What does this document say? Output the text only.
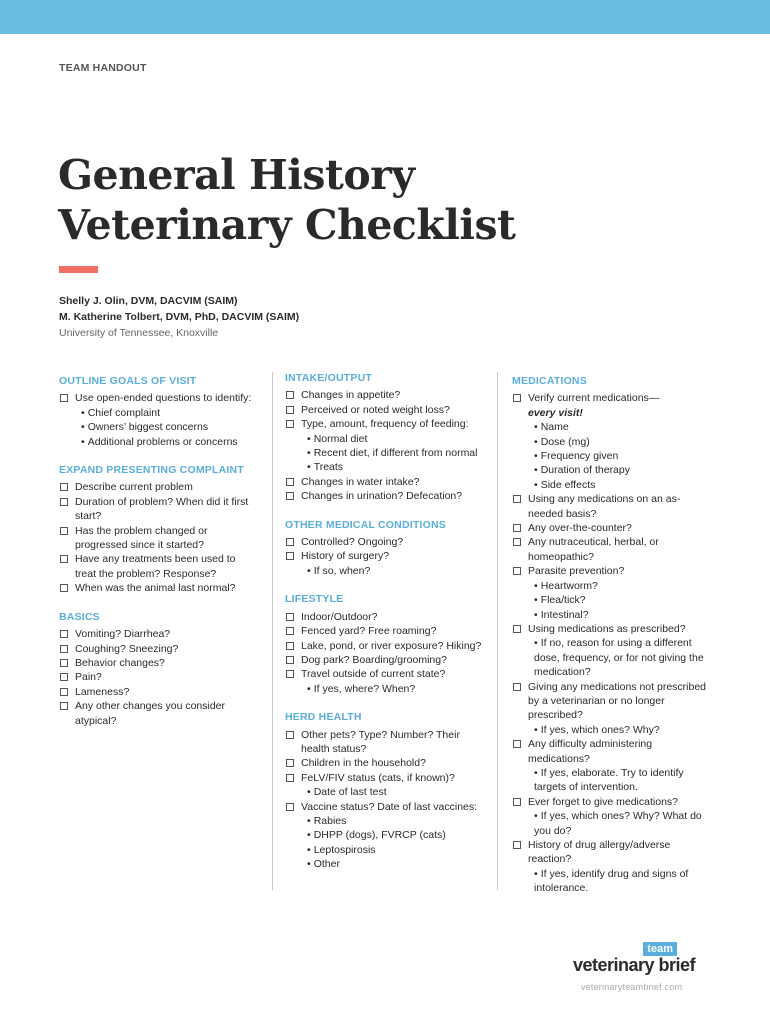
TEAM HANDOUT
General History
Veterinary Checklist
Shelly J. Olin, DVM, DACVIM (SAIM)
M. Katherine Tolbert, DVM, PhD, DACVIM (SAIM)
University of Tennessee, Knoxville
OUTLINE GOALS OF VISIT
Use open-ended questions to identify:
• Chief complaint
• Owners’ biggest concerns
• Additional problems or concerns
EXPAND PRESENTING COMPLAINT
Describe current problem
Duration of problem? When did it first start?
Has the problem changed or progressed since it started?
Have any treatments been used to treat the problem? Response?
When was the animal last normal?
BASICS
Vomiting? Diarrhea?
Coughing? Sneezing?
Behavior changes?
Pain?
Lameness?
Any other changes you consider atypical?
INTAKE/OUTPUT
Changes in appetite?
Perceived or noted weight loss?
Type, amount, frequency of feeding:
• Normal diet
• Recent diet, if different from normal
• Treats
Changes in water intake?
Changes in urination? Defecation?
OTHER MEDICAL CONDITIONS
Controlled? Ongoing?
History of surgery?
• If so, when?
LIFESTYLE
Indoor/Outdoor?
Fenced yard? Free roaming?
Lake, pond, or river exposure? Hiking?
Dog park? Boarding/grooming?
Travel outside of current state?
• If yes, where? When?
HERD HEALTH
Other pets? Type? Number? Their health status?
Children in the household?
FeLV/FIV status (cats, if known)?
• Date of last test
Vaccine status? Date of last vaccines:
• Rabies
• DHPP (dogs), FVRCP (cats)
• Leptospirosis
• Other
MEDICATIONS
Verify current medications—
every visit!
• Name
• Dose (mg)
• Frequency given
• Duration of therapy
• Side effects
Using any medications on an as-needed basis?
Any over-the-counter?
Any nutraceutical, herbal, or homeopathic?
Parasite prevention?
• Heartworm?
• Flea/tick?
• Intestinal?
Using medications as prescribed?
• If no, reason for using a different dose, frequency, or for not giving the medication?
Giving any medications not prescribed by a veterinarian or no longer prescribed?
• If yes, which ones? Why?
Any difficulty administering medications?
• If yes, elaborate. Try to identify targets of intervention.
Ever forget to give medications?
• If yes, which ones? Why? What do you do?
History of drug allergy/adverse reaction?
• If yes, identify drug and signs of intolerance.
team
veterinary brief
veterinaryteambrief.com
